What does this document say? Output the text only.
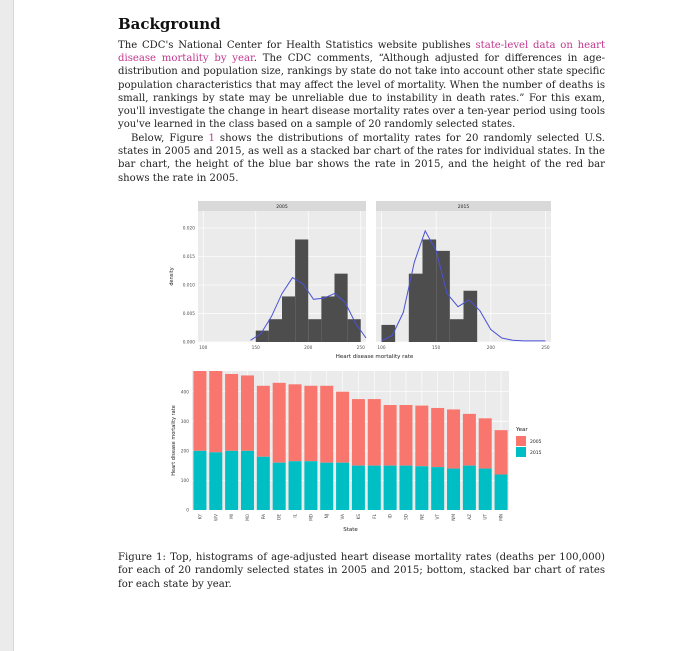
Background
The CDC's National Center for Health Statistics website publishes state-level data on heart disease mortality by year. The CDC comments, “Although adjusted for differences in age-distribution and population size, rankings by state do not take into account other state specific population characteristics that may affect the level of mortality. When the number of deaths is small, rankings by state may be unreliable due to instability in death rates.” For this exam, you'll investigate the change in heart disease mortality rates over a ten-year period using tools you've learned in the class based on a sample of 20 randomly selected states.
Below, Figure 1 shows the distributions of mortality rates for 20 randomly selected U.S. states in 2005 and 2015, as well as a stacked bar chart of the rates for individual states. In the bar chart, the height of the blue bar shows the rate in 2015, and the height of the red bar shows the rate in 2005.
2005
100	150	200	250
2015
100	150	200	250
0.000
0.005
0.010
0.015
0.020
density
Heart disease mortality rate
0
100
200
300
400
KY	WV	MI	MO	PA	DE	IL	MD	NJ	VA	KS	FL	ID	SD	NE	VT	NM	AZ	UT	MN
Heart disease mortality rate
State
Year
2005
2015
Figure 1: Top, histograms of age-adjusted heart disease mortality rates (deaths per 100,000) for each of 20 randomly selected states in 2005 and 2015; bottom, stacked bar chart of rates for each state by year.
